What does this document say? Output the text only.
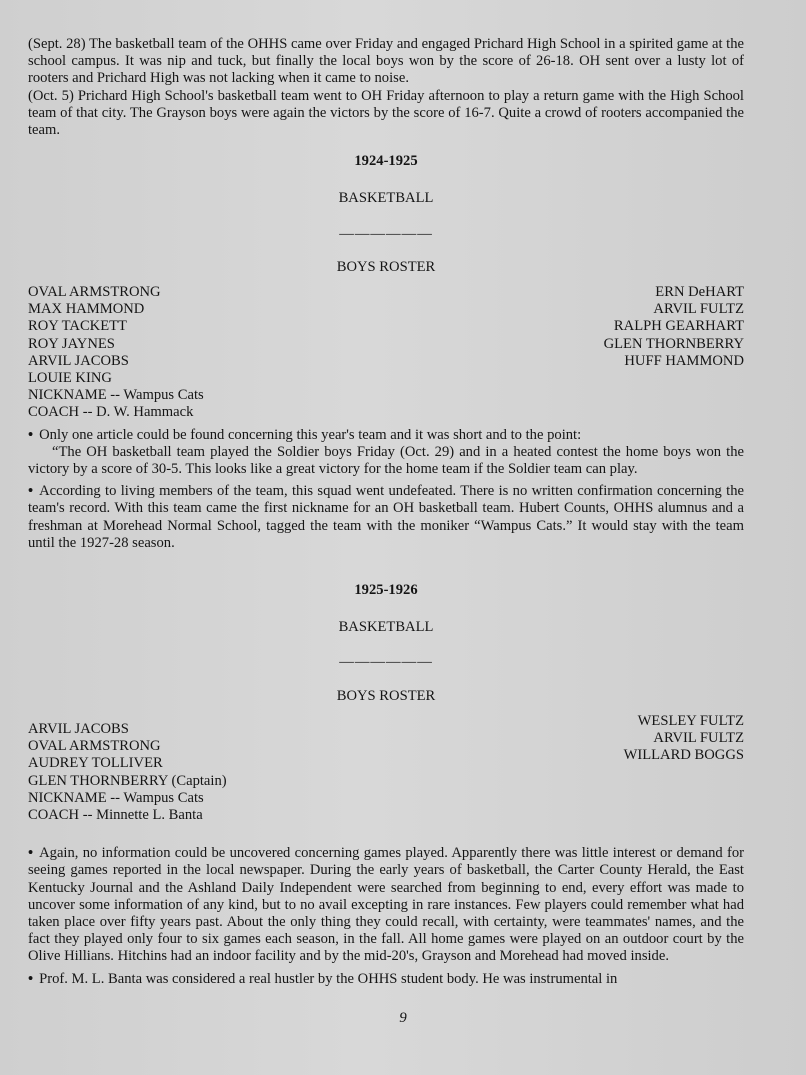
(Sept. 28) The basketball team of the OHHS came over Friday and engaged Prichard High School in a spirited game at the school campus. It was nip and tuck, but finally the local boys won by the score of 26-18. OH sent over a lusty lot of rooters and Prichard High was not lacking when it came to noise.

(Oct. 5) Prichard High School's basketball team went to OH Friday afternoon to play a return game with the High School team of that city. The Grayson boys were again the victors by the score of 16-7. Quite a crowd of rooters accompanied the team.

1924-1925
BASKETBALL
——————
BOYS ROSTER
OVAL ARMSTRONG
MAX HAMMOND
ROY TACKETT
ROY JAYNES
ARVIL JACOBS
LOUIE KING
NICKNAME -- Wampus Cats
COACH -- D. W. Hammack
ERN DeHART
ARVIL FULTZ
RALPH GEARHART
GLEN THORNBERRY
HUFF HAMMOND

• Only one article could be found concerning this year's team and it was short and to the point:

“The OH basketball team played the Soldier boys Friday (Oct. 29) and in a heated contest the home boys won the victory by a score of 30-5. This looks like a great victory for the home team if the Soldier team can play.

• According to living members of the team, this squad went undefeated. There is no written confirmation concerning the team's record. With this team came the first nickname for an OH basketball team. Hubert Counts, OHHS alumnus and a freshman at Morehead Normal School, tagged the team with the moniker “Wampus Cats.” It would stay with the team until the 1927-28 season.

1925-1926
BASKETBALL
——————
BOYS ROSTER
ARVIL JACOBS
OVAL ARMSTRONG
AUDREY TOLLIVER
GLEN THORNBERRY (Captain)
NICKNAME -- Wampus Cats
COACH -- Minnette L. Banta
WESLEY FULTZ
ARVIL FULTZ
WILLARD BOGGS

• Again, no information could be uncovered concerning games played. Apparently there was little interest or demand for seeing games reported in the local newspaper. During the early years of basketball, the Carter County Herald, the East Kentucky Journal and the Ashland Daily Independent were searched from beginning to end, every effort was made to uncover some information of any kind, but to no avail excepting in rare instances. Few players could remember what had taken place over fifty years past. About the only thing they could recall, with certainty, were teammates' names, and the fact they played only four to six games each season, in the fall. All home games were played on an outdoor court by the Olive Hillians. Hitchins had an indoor facility and by the mid-20's, Grayson and Morehead had moved inside.

• Prof. M. L. Banta was considered a real hustler by the OHHS student body. He was instrumental in

9
